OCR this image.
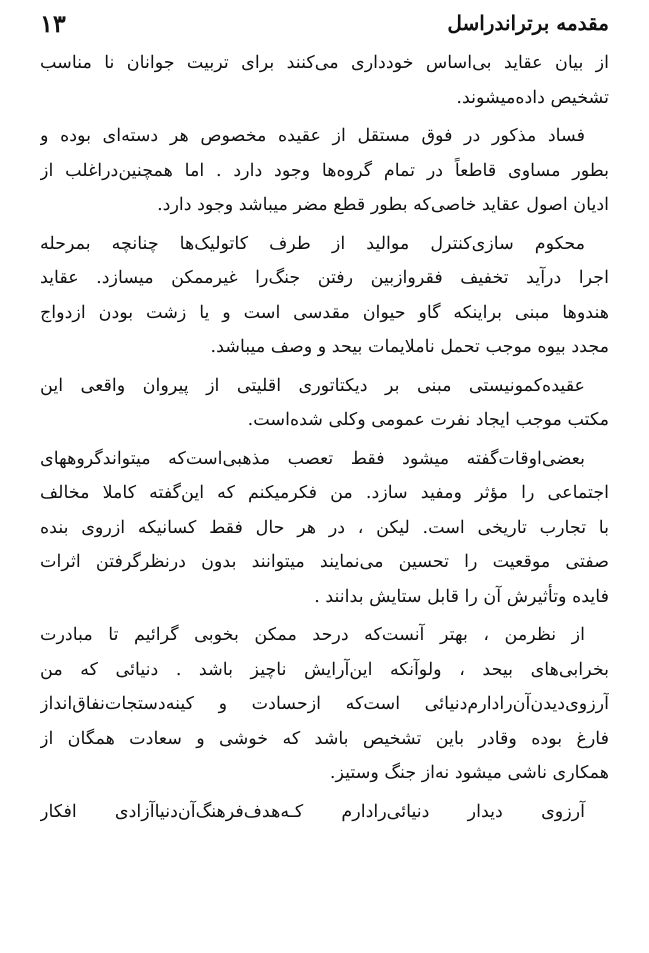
مقدمه برتراندراسل
۱۳
از بیان عقاید بی‌اساس خودداری می‌کنند برای تربیت جوانان نا مناسب
تشخیص داده‌میشوند.
فساد مذکور در فوق مستقل از عقیده مخصوص هر دسته‌ای بوده و
بطور مساوی قاطعاً در تمام گروه‌ها وجود دارد . اما همچنین‌دراغلب از
ادیان اصول عقاید خاصی‌که بطور قطع مضر میباشد وجود دارد.
محکوم سازی‌کنترل موالید از طرف کاتولیک‌ها چنانچه بمرحله
اجرا درآید تخفیف فقروازبین رفتن جنگ‌را غیرممکن میسازد. عقاید
هندوها مبنی براینکه گاو حیوان مقدسی است و یا زشت بودن ازدواج
مجدد بیوه موجب تحمل ناملایمات بیحد و وصف میباشد.
عقیده‌کمونیستی مبنی بر دیکتاتوری اقلیتی از پیروان واقعی این
مکتب موجب ایجاد نفرت عمومی وکلی شده‌است.
بعضی‌اوقات‌گفته میشود فقط تعصب مذهبی‌است‌که میتواندگروههای
اجتماعی را مؤثر ومفید سازد. من فکرمیکنم که این‌گفته کاملا مخالف
با تجارب تاریخی است. لیکن ، در هر حال فقط کسانیکه ازروی بنده
صفتی موقعیت را تحسین می‌نمایند میتوانند بدون درنظرگرفتن اثرات
فایده وتأثیرش آن را قابل ستایش بدانند .
از نظرمن ، بهتر آنست‌که درحد ممکن بخوبی گرائیم تا مبادرت
بخرابی‌های بیحد ، ولوآنکه این‌آرایش ناچیز باشد . دنیائی که من
آرزوی‌دیدن‌آن‌رادارم‌دنیائی است‌که ازحسادت و کینه‌دستجات‌نفاق‌انداز
فارغ بوده وقادر باین تشخیص باشد که خوشی و سعادت همگان از
همکاری ناشی میشود نه‌از جنگ وستیز.
آرزوی دیدار دنیائی‌رادارم کـه‌هدف‌فرهنگ‌آن‌دنیاآزادی افکار
